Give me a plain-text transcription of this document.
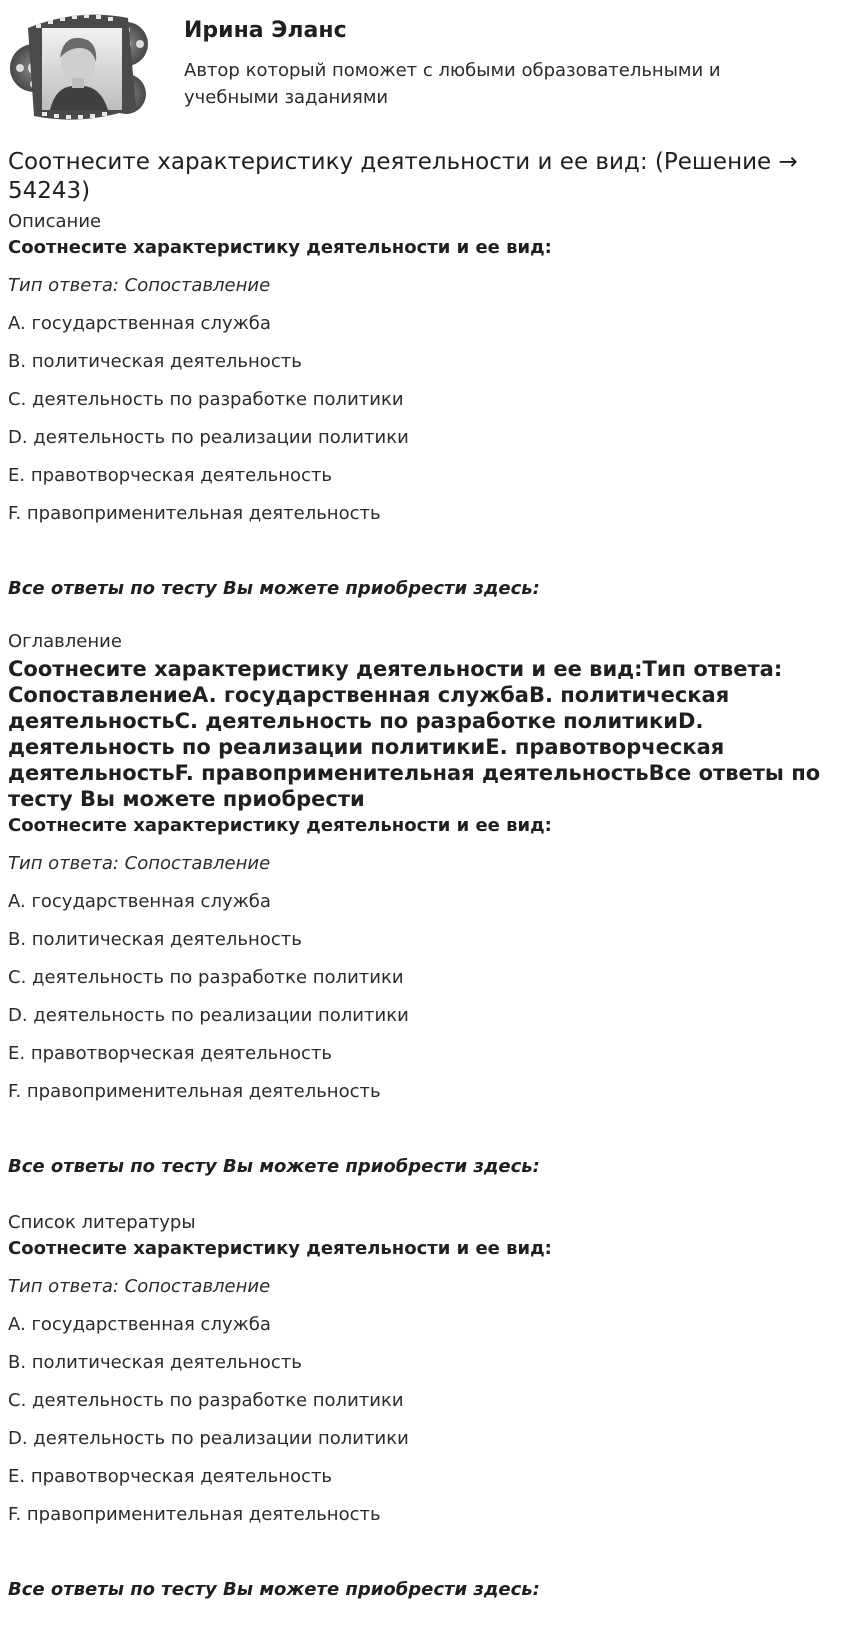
Ирина Эланс
Автор который поможет с любыми образовательными и учебными заданиями
Соотнесите характеристику деятельности и ее вид: (Решение → 54243)
Описание
Соотнесите характеристику деятельности и ее вид:
Тип ответа: Сопоставление
A. государственная служба
B. политическая деятельность
C. деятельность по разработке политики
D. деятельность по реализации политики
E. правотворческая деятельность
F. правоприменительная деятельность
Все ответы по тесту Вы можете приобрести здесь:
Оглавление
Соотнесите характеристику деятельности и ее вид:Тип ответа: СопоставлениеA. государственная службаB. политическая деятельностьC. деятельность по разработке политикиD. деятельность по реализации политикиE. правотворческая деятельностьF. правоприменительная деятельностьВсе ответы по тесту Вы можете приобрести
Соотнесите характеристику деятельности и ее вид:
Тип ответа: Сопоставление
A. государственная служба
B. политическая деятельность
C. деятельность по разработке политики
D. деятельность по реализации политики
E. правотворческая деятельность
F. правоприменительная деятельность
Все ответы по тесту Вы можете приобрести здесь:
Список литературы
Соотнесите характеристику деятельности и ее вид:
Тип ответа: Сопоставление
A. государственная служба
B. политическая деятельность
C. деятельность по разработке политики
D. деятельность по реализации политики
E. правотворческая деятельность
F. правоприменительная деятельность
Все ответы по тесту Вы можете приобрести здесь:
